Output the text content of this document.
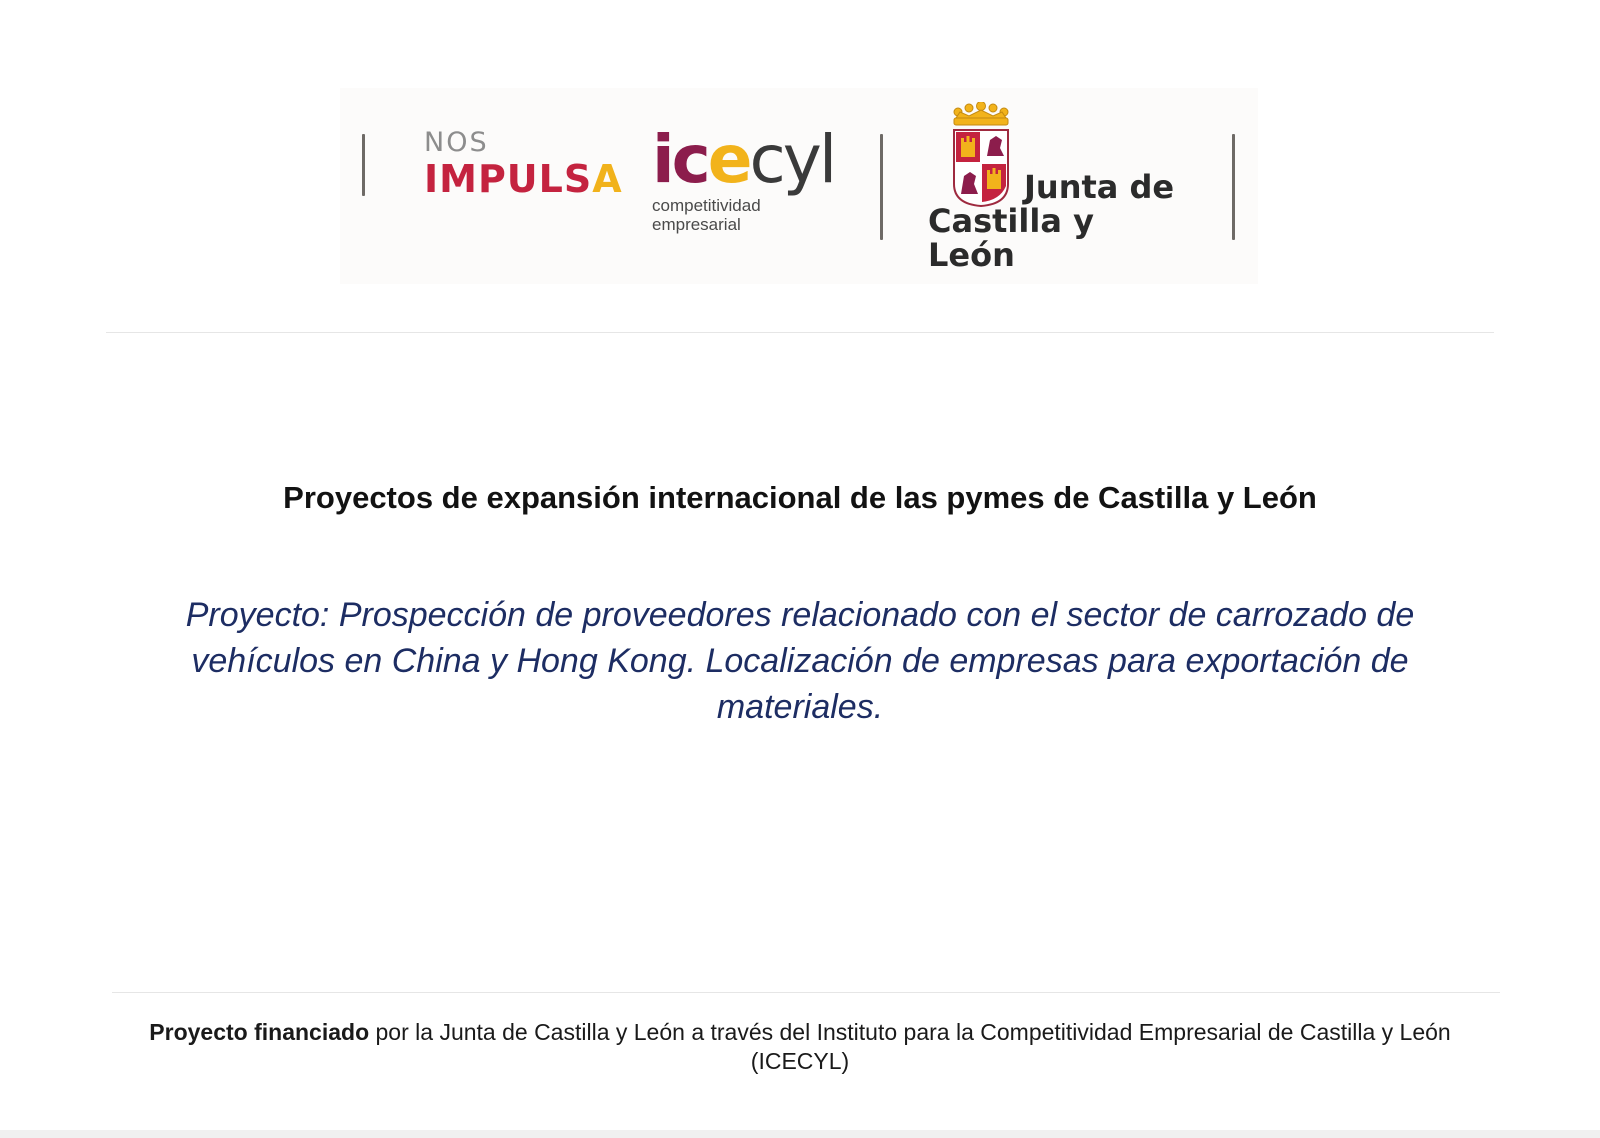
NOS
IMPULSA icecyl
competitividad
empresarial
Junta de
Castilla y León
Proyectos de expansión internacional de las pymes de Castilla y León
Proyecto: Prospección de proveedores relacionado con el sector de carrozado de vehículos en China y Hong Kong. Localización de empresas para exportación de materiales.
Proyecto financiado por la Junta de Castilla y León a través del Instituto para la Competitividad Empresarial de Castilla y León (ICECYL)
